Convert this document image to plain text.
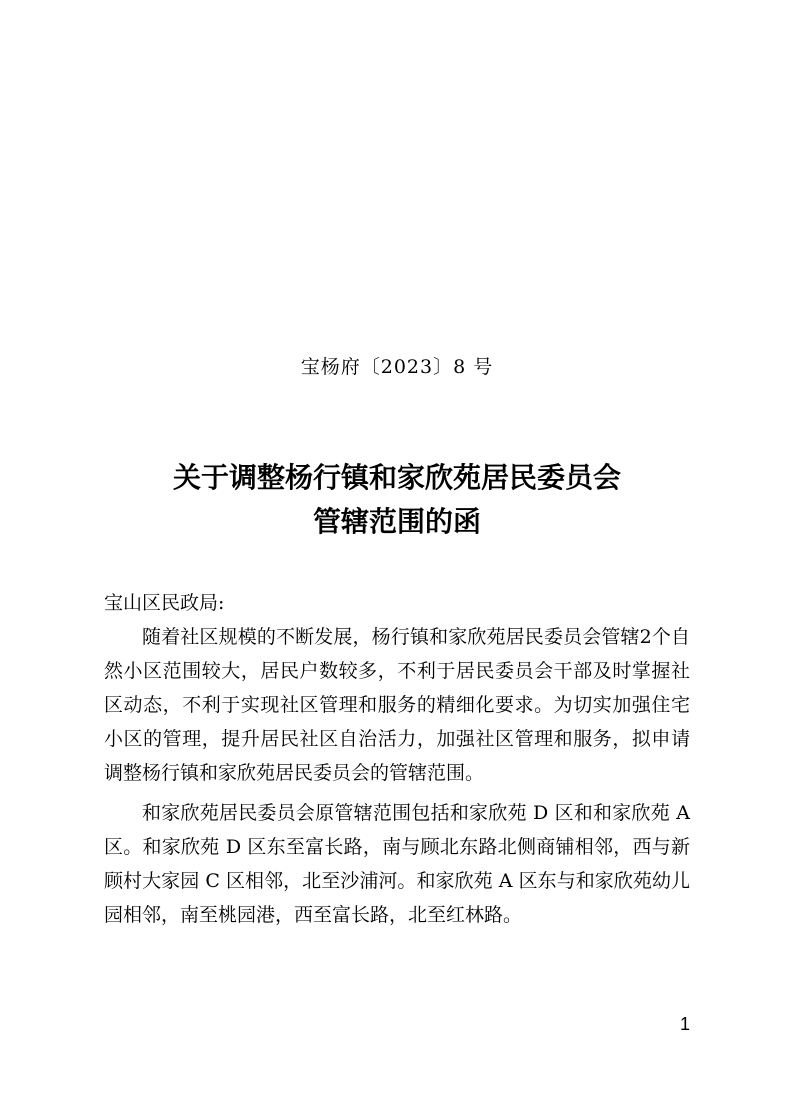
宝杨府〔2023〕8 号
关于调整杨行镇和家欣苑居民委员会
管辖范围的函
宝山区民政局:

随着社区规模的不断发展，杨行镇和家欣苑居民委员会管辖2个自然小区范围较大，居民户数较多，不利于居民委员会干部及时掌握社区动态，不利于实现社区管理和服务的精细化要求。为切实加强住宅小区的管理，提升居民社区自治活力，加强社区管理和服务，拟申请调整杨行镇和家欣苑居民委员会的管辖范围。

和家欣苑居民委员会原管辖范围包括和家欣苑 D 区和和家欣苑 A 区。和家欣苑 D 区东至富长路，南与顾北东路北侧商铺相邻，西与新顾村大家园 C 区相邻，北至沙浦河。和家欣苑 A 区东与和家欣苑幼儿园相邻，南至桃园港，西至富长路，北至红林路。

1
